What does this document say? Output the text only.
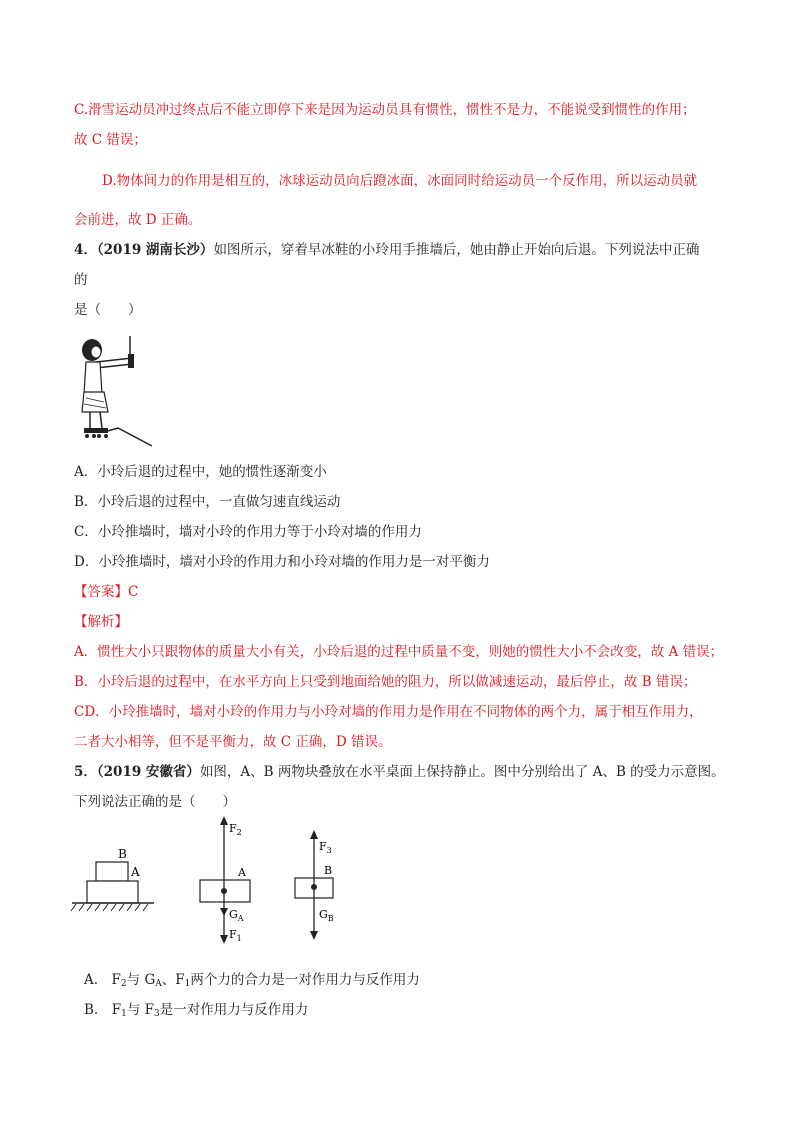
C.滑雪运动员冲过终点后不能立即停下来是因为运动员具有惯性，惯性不是力，不能说受到惯性的作用；
故 C 错误；
D.物体间力的作用是相互的，冰球运动员向后蹬冰面，冰面同时给运动员一个反作用，所以运动员就
会前进，故 D 正确。
4．（2019 湖南长沙）如图所示，穿着早冰鞋的小玲用手推墙后，她由静止开始向后退。下列说法中正确
的
是（　　）
A．小玲后退的过程中，她的惯性逐渐变小
B．小玲后退的过程中，一直做匀速直线运动
C．小玲推墙时，墙对小玲的作用力等于小玲对墙的作用力
D．小玲推墙时，墙对小玲的作用力和小玲对墙的作用力是一对平衡力
【答案】C
【解析】
A．惯性大小只跟物体的质量大小有关，小玲后退的过程中质量不变，则她的惯性大小不会改变，故 A 错误；
B．小玲后退的过程中，在水平方向上只受到地面给她的阻力，所以做减速运动，最后停止，故 B 错误；
CD．小玲推墙时，墙对小玲的作用力与小玲对墙的作用力是作用在不同物体的两个力，属于相互作用力，
二者大小相等，但不是平衡力，故 C 正确，D 错误。
5．（2019 安徽省）如图，A、B 两物块叠放在水平桌面上保持静止。图中分别给出了 A、B 的受力示意图。
下列说法正确的是（　　）
B
A
$F_2$
A
$G_A$
$F_1$
$F_3$
B
$G_B$
A.　$F_2$与 $G_A$、$F_1$两个力的合力是一对作用力与反作用力
B.　$F_1$与 $F_3$是一对作用力与反作用力
